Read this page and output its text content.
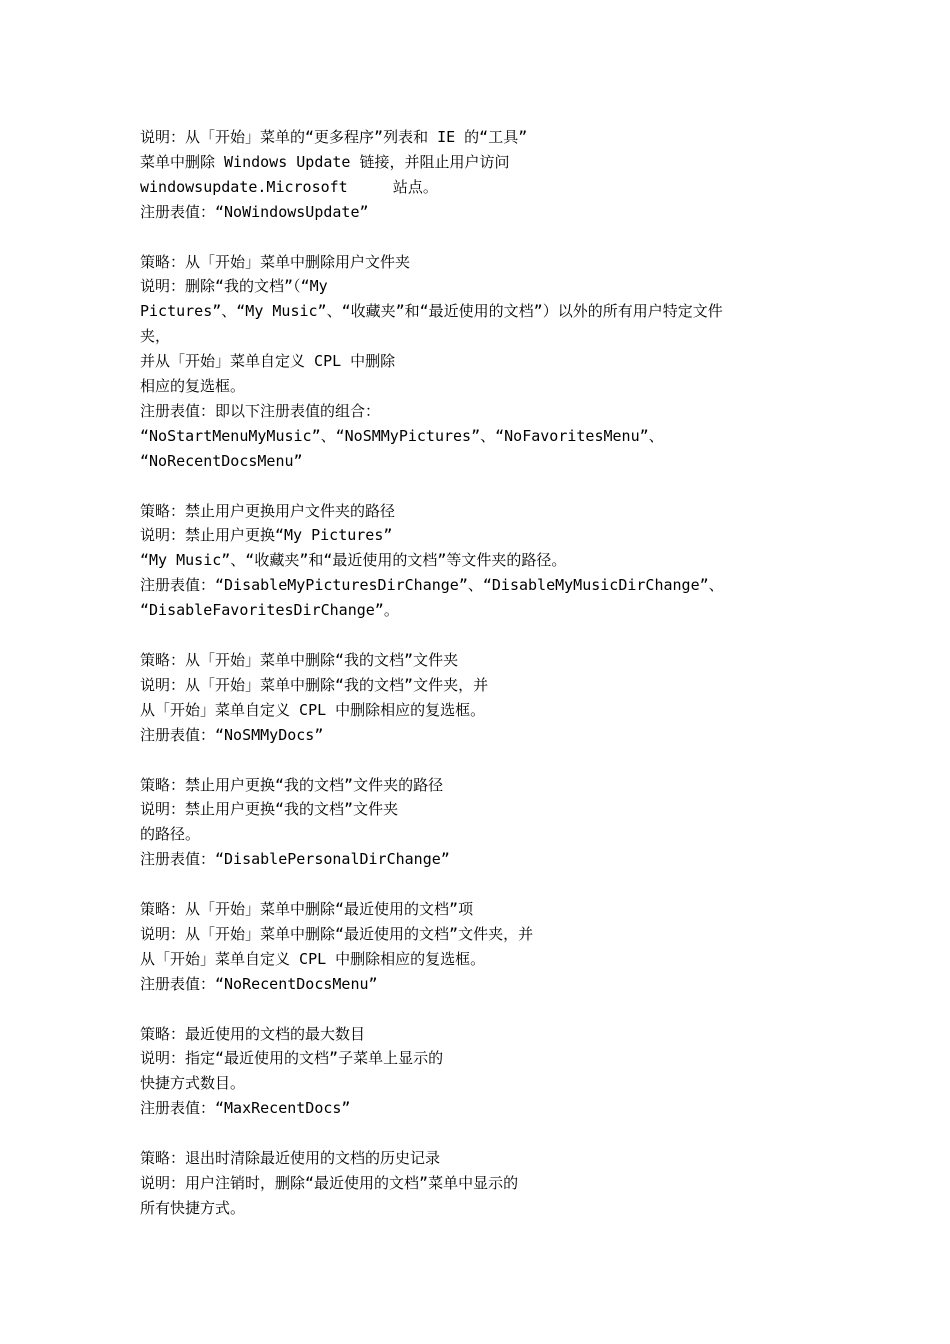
说明：从「开始」菜单的“更多程序”列表和 IE 的“工具”
菜单中删除 Windows Update 链接，并阻止用户访问
windowsupdate.Microsoft     站点。
注册表值：“NoWindowsUpdate”
策略：从「开始」菜单中删除用户文件夹
说明：删除“我的文档”（“My
Pictures”、“My Music”、“收藏夹”和“最近使用的文档”）以外的所有用户特定文件
夹，
并从「开始」菜单自定义 CPL 中删除
相应的复选框。
注册表值：即以下注册表值的组合：
“NoStartMenuMyMusic”、“NoSMMyPictures”、“NoFavoritesMenu”、
“NoRecentDocsMenu”
策略：禁止用户更换用户文件夹的路径
说明：禁止用户更换“My Pictures”
“My Music”、“收藏夹”和“最近使用的文档”等文件夹的路径。
注册表值：“DisableMyPicturesDirChange”、“DisableMyMusicDirChange”、
“DisableFavoritesDirChange”。
策略：从「开始」菜单中删除“我的文档”文件夹
说明：从「开始」菜单中删除“我的文档”文件夹，并
从「开始」菜单自定义 CPL 中删除相应的复选框。
注册表值：“NoSMMyDocs”
策略：禁止用户更换“我的文档”文件夹的路径
说明：禁止用户更换“我的文档”文件夹
的路径。
注册表值：“DisablePersonalDirChange”
策略：从「开始」菜单中删除“最近使用的文档”项
说明：从「开始」菜单中删除“最近使用的文档”文件夹，并
从「开始」菜单自定义 CPL 中删除相应的复选框。
注册表值：“NoRecentDocsMenu”
策略：最近使用的文档的最大数目
说明：指定“最近使用的文档”子菜单上显示的
快捷方式数目。
注册表值：“MaxRecentDocs”
策略：退出时清除最近使用的文档的历史记录
说明：用户注销时，删除“最近使用的文档”菜单中显示的
所有快捷方式。
